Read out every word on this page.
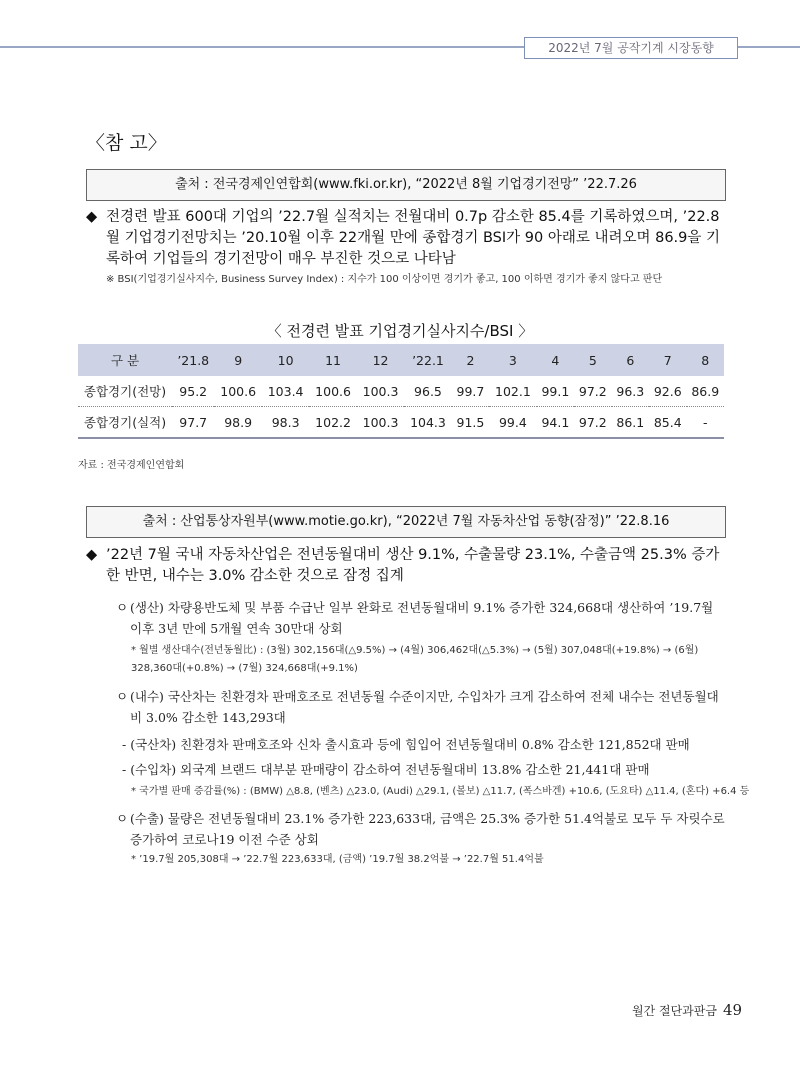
2022년 7월 공작기계 시장동향
〈참 고〉
출처 : 전국경제인연합회(www.fki.or.kr), “2022년 8월 기업경기전망” ’22.7.26
◆ 전경련 발표 600대 기업의 ’22.7월 실적치는 전월대비 0.7p 감소한 85.4를 기록하였으며, ’22.8월 기업경기전망치는 ’20.10월 이후 22개월 만에 종합경기 BSI가 90 아래로 내려오며 86.9을 기록하여 기업들의 경기전망이 매우 부진한 것으로 나타남
※ BSI(기업경기실사지수, Business Survey Index) : 지수가 100 이상이면 경기가 좋고, 100 이하면 경기가 좋지 않다고 판단
〈 전경련 발표 기업경기실사지수/BSI 〉
구 분	’21.8	9	10	11	12	’22.1	2	3	4	5	6	7	8
종합경기(전망)	95.2	100.6	103.4	100.6	100.3	96.5	99.7	102.1	99.1	97.2	96.3	92.6	86.9
종합경기(실적)	97.7	98.9	98.3	102.2	100.3	104.3	91.5	99.4	94.1	97.2	86.1	85.4	-
자료 : 전국경제인연합회
출처 : 산업통상자원부(www.motie.go.kr), “2022년 7월 자동차산업 동향(잠정)” ’22.8.16
◆ ’22년 7월 국내 자동차산업은 전년동월대비 생산 9.1%, 수출물량 23.1%, 수출금액 25.3% 증가한 반면, 내수는 3.0% 감소한 것으로 잠정 집계
ㅇ (생산) 차량용반도체 및 부품 수급난 일부 완화로 전년동월대비 9.1% 증가한 324,668대 생산하여 ’19.7월 이후 3년 만에 5개월 연속 30만대 상회
* 월별 생산대수(전년동월比) : (3월) 302,156대(△9.5%) → (4월) 306,462대(△5.3%) → (5월) 307,048대(+19.8%) → (6월) 328,360대(+0.8%) → (7월) 324,668대(+9.1%)
ㅇ (내수) 국산차는 친환경차 판매호조로 전년동월 수준이지만, 수입차가 크게 감소하여 전체 내수는 전년동월대비 3.0% 감소한 143,293대
- (국산차) 친환경차 판매호조와 신차 출시효과 등에 힘입어 전년동월대비 0.8% 감소한 121,852대 판매
- (수입차) 외국계 브랜드 대부분 판매량이 감소하여 전년동월대비 13.8% 감소한 21,441대 판매
* 국가별 판매 증감률(%) : (BMW) △8.8, (벤츠) △23.0, (Audi) △29.1, (볼보) △11.7, (폭스바겐) +10.6, (도요타) △11.4, (혼다) +6.4 등
ㅇ (수출) 물량은 전년동월대비 23.1% 증가한 223,633대, 금액은 25.3% 증가한 51.4억불로 모두 두 자릿수로 증가하여 코로나19 이전 수준 상회
* ’19.7월 205,308대 → ’22.7월 223,633대, (금액) ’19.7월 38.2억불 → ’22.7월 51.4억불
월간 절단과판금 49
